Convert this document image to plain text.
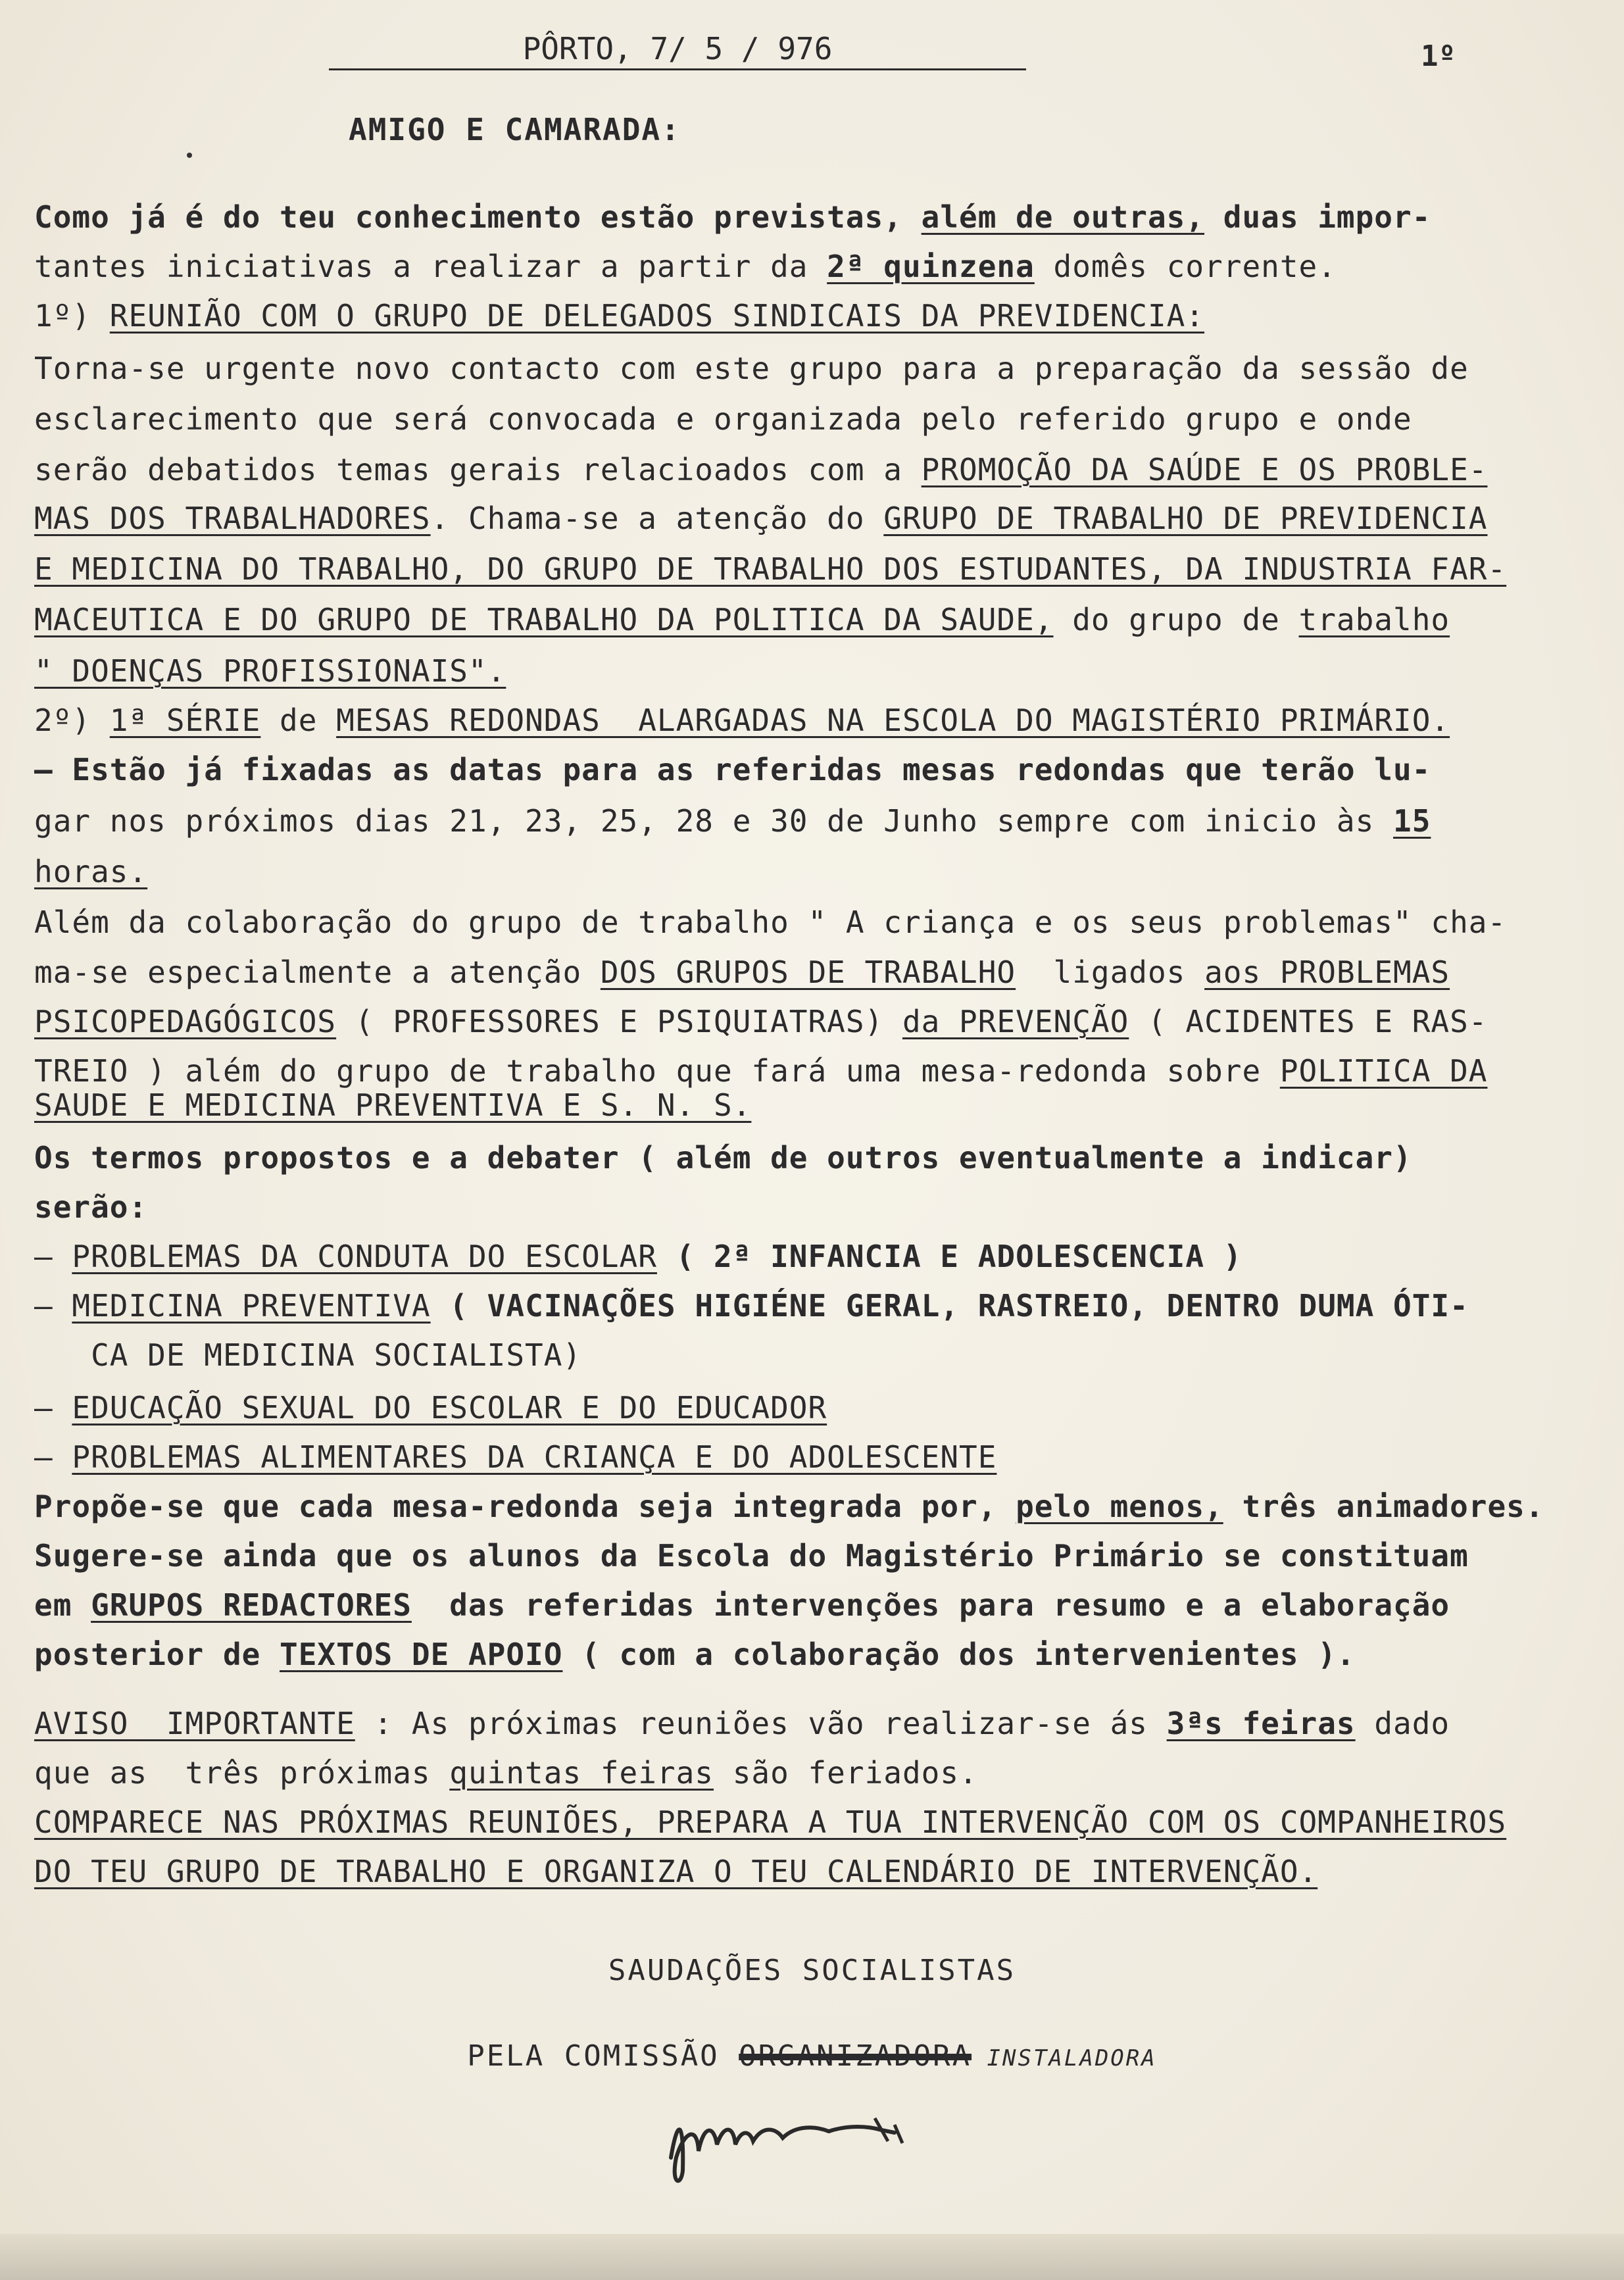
PÔRTO, 7/ 5 / 976	1º
AMIGO E CAMARADA:
Como já é do teu conhecimento estão previstas, além de outras, duas impor-
tantes iniciativas a realizar a partir da 2ª quinzena domês corrente.
1º) REUNIÃO COM O GRUPO DE DELEGADOS SINDICAIS DA PREVIDENCIA:
Torna-se urgente novo contacto com este grupo para a preparação da sessão de
esclarecimento que será convocada e organizada pelo referido grupo e onde
serão debatidos temas gerais relacioados com a PROMOÇÃO DA SAÚDE E OS PROBLE-
MAS DOS TRABALHADORES. Chama-se a atenção do GRUPO DE TRABALHO DE PREVIDENCIA
E MEDICINA DO TRABALHO, DO GRUPO DE TRABALHO DOS ESTUDANTES, DA INDUSTRIA FAR-
MACEUTICA E DO GRUPO DE TRABALHO DA POLITICA DA SAUDE, do grupo de trabalho
" DOENÇAS PROFISSIONAIS".
2º) 1ª SÉRIE de MESAS REDONDAS  ALARGADAS NA ESCOLA DO MAGISTÉRIO PRIMÁRIO.
— Estão já fixadas as datas para as referidas mesas redondas que terão lu-
gar nos próximos dias 21, 23, 25, 28 e 30 de Junho sempre com inicio às 15
horas.
Além da colaboração do grupo de trabalho " A criança e os seus problemas" cha-
ma-se especialmente a atenção DOS GRUPOS DE TRABALHO  ligados aos PROBLEMAS
PSICOPEDAGÓGICOS ( PROFESSORES E PSIQUIATRAS) da PREVENÇÃO ( ACIDENTES E RAS-
TREIO ) além do grupo de trabalho que fará uma mesa-redonda sobre POLITICA DA
SAUDE E MEDICINA PREVENTIVA E S. N. S.
Os termos propostos e a debater ( além de outros eventualmente a indicar)
serão:
— PROBLEMAS DA CONDUTA DO ESCOLAR ( 2ª INFANCIA E ADOLESCENCIA )
— MEDICINA PREVENTIVA ( VACINAÇÕES HIGIÉNE GERAL, RASTREIO, DENTRO DUMA ÓTI-
CA DE MEDICINA SOCIALISTA)
— EDUCAÇÃO SEXUAL DO ESCOLAR E DO EDUCADOR
— PROBLEMAS ALIMENTARES DA CRIANÇA E DO ADOLESCENTE
Propõe-se que cada mesa-redonda seja integrada por, pelo menos, três animadores.
Sugere-se ainda que os alunos da Escola do Magistério Primário se constituam
em GRUPOS REDACTORES  das referidas intervenções para resumo e a elaboração
posterior de TEXTOS DE APOIO ( com a colaboração dos intervenientes ).
AVISO  IMPORTANTE : As próximas reuniões vão realizar-se ás 3ªs feiras dado
que as  três próximas quintas feiras são feriados.
COMPARECE NAS PRÓXIMAS REUNIÕES, PREPARA A TUA INTERVENÇÃO COM OS COMPANHEIROS
DO TEU GRUPO DE TRABALHO E ORGANIZA O TEU CALENDÁRIO DE INTERVENÇÃO.
SAUDAÇÕES SOCIALISTAS
PELA COMISSÃO ORGANIZADORA INSTALADORA
